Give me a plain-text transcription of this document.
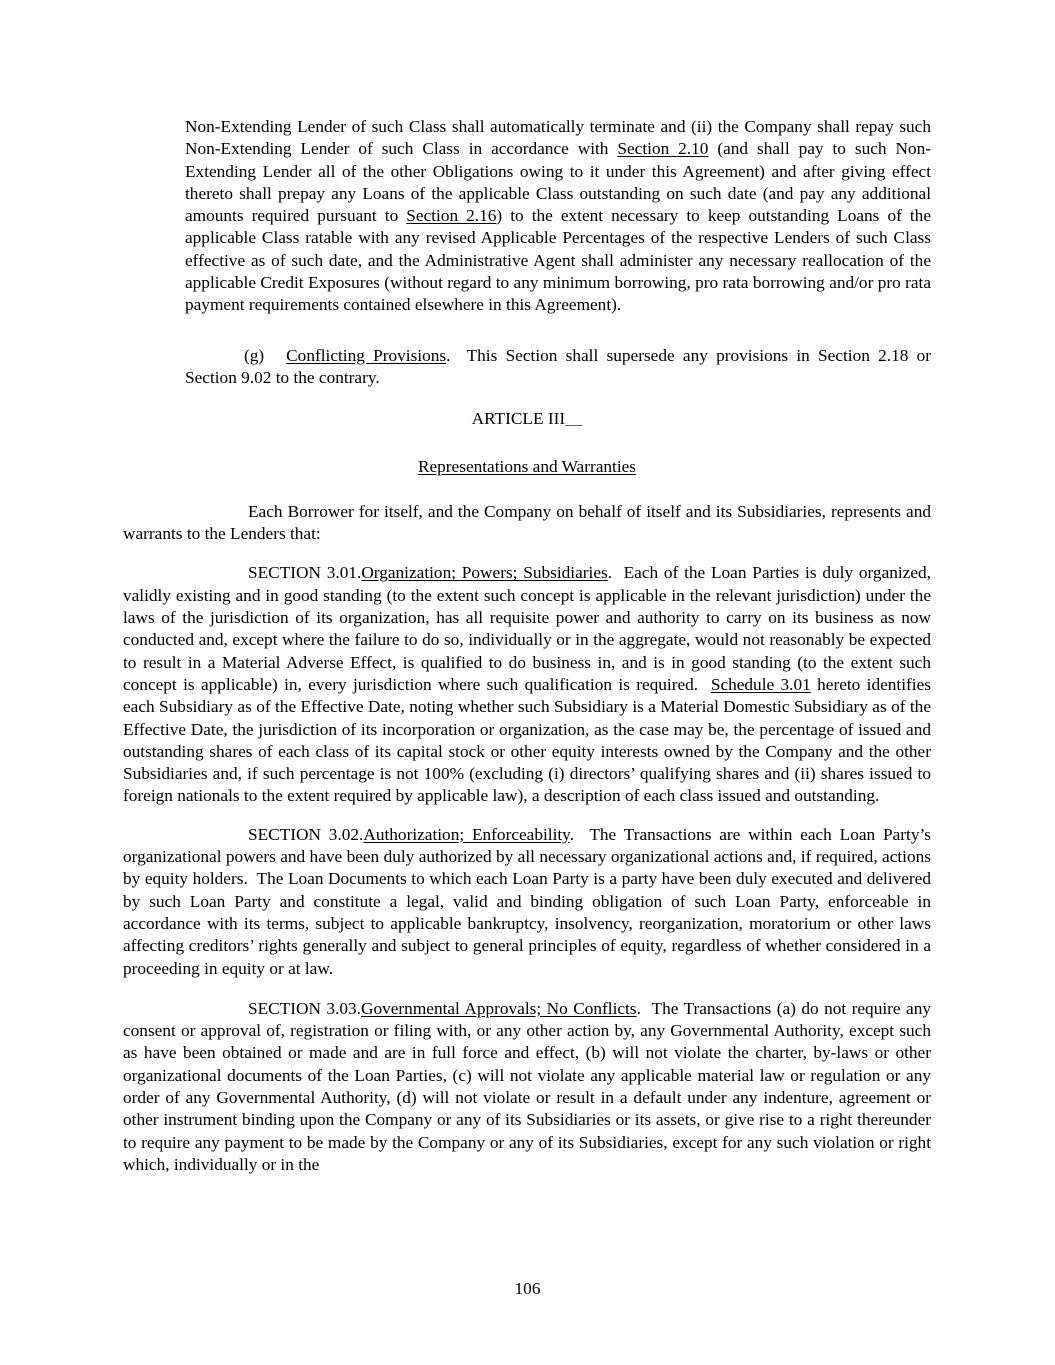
Non-Extending Lender of such Class shall automatically terminate and (ii) the Company shall repay such Non-Extending Lender of such Class in accordance with Section 2.10 (and shall pay to such Non-Extending Lender all of the other Obligations owing to it under this Agreement) and after giving effect thereto shall prepay any Loans of the applicable Class outstanding on such date (and pay any additional amounts required pursuant to Section 2.16) to the extent necessary to keep outstanding Loans of the applicable Class ratable with any revised Applicable Percentages of the respective Lenders of such Class effective as of such date, and the Administrative Agent shall administer any necessary reallocation of the applicable Credit Exposures (without regard to any minimum borrowing, pro rata borrowing and/or pro rata payment requirements contained elsewhere in this Agreement).

(g) Conflicting Provisions.  This Section shall supersede any provisions in Section 2.18 or Section 9.02 to the contrary.

ARTICLE III__

Representations and Warranties

Each Borrower for itself, and the Company on behalf of itself and its Subsidiaries, represents and warrants to the Lenders that:

SECTION 3.01.Organization; Powers; Subsidiaries.  Each of the Loan Parties is duly organized, validly existing and in good standing (to the extent such concept is applicable in the relevant jurisdiction) under the laws of the jurisdiction of its organization, has all requisite power and authority to carry on its business as now conducted and, except where the failure to do so, individually or in the aggregate, would not reasonably be expected to result in a Material Adverse Effect, is qualified to do business in, and is in good standing (to the extent such concept is applicable) in, every jurisdiction where such qualification is required.  Schedule 3.01 hereto identifies each Subsidiary as of the Effective Date, noting whether such Subsidiary is a Material Domestic Subsidiary as of the Effective Date, the jurisdiction of its incorporation or organization, as the case may be, the percentage of issued and outstanding shares of each class of its capital stock or other equity interests owned by the Company and the other Subsidiaries and, if such percentage is not 100% (excluding (i) directors’ qualifying shares and (ii) shares issued to foreign nationals to the extent required by applicable law), a description of each class issued and outstanding.

SECTION 3.02.Authorization; Enforceability.  The Transactions are within each Loan Party’s organizational powers and have been duly authorized by all necessary organizational actions and, if required, actions by equity holders.  The Loan Documents to which each Loan Party is a party have been duly executed and delivered by such Loan Party and constitute a legal, valid and binding obligation of such Loan Party, enforceable in accordance with its terms, subject to applicable bankruptcy, insolvency, reorganization, moratorium or other laws affecting creditors’ rights generally and subject to general principles of equity, regardless of whether considered in a proceeding in equity or at law.

SECTION 3.03.Governmental Approvals; No Conflicts.  The Transactions (a) do not require any consent or approval of, registration or filing with, or any other action by, any Governmental Authority, except such as have been obtained or made and are in full force and effect, (b) will not violate the charter, by-laws or other organizational documents of the Loan Parties, (c) will not violate any applicable material law or regulation or any order of any Governmental Authority, (d) will not violate or result in a default under any indenture, agreement or other instrument binding upon the Company or any of its Subsidiaries or its assets, or give rise to a right thereunder to require any payment to be made by the Company or any of its Subsidiaries, except for any such violation or right which, individually or in the

106
